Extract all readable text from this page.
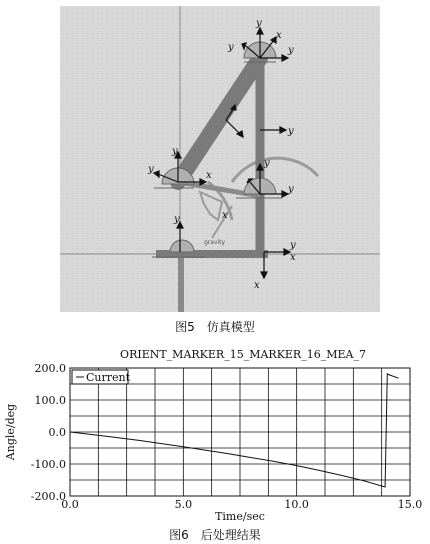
gravity
y
x
y	y
y
y
y
x
y
y
x
y
y
x
x
图5　仿真模型
ORIENT_MARKER_15_MARKER_16_MEA_7
0.0	5.0	10.0	15.0
200.0
100.0
0.0
-100.0
-200.0
Current
Time/sec
Angle/deg
图6　后处理结果
